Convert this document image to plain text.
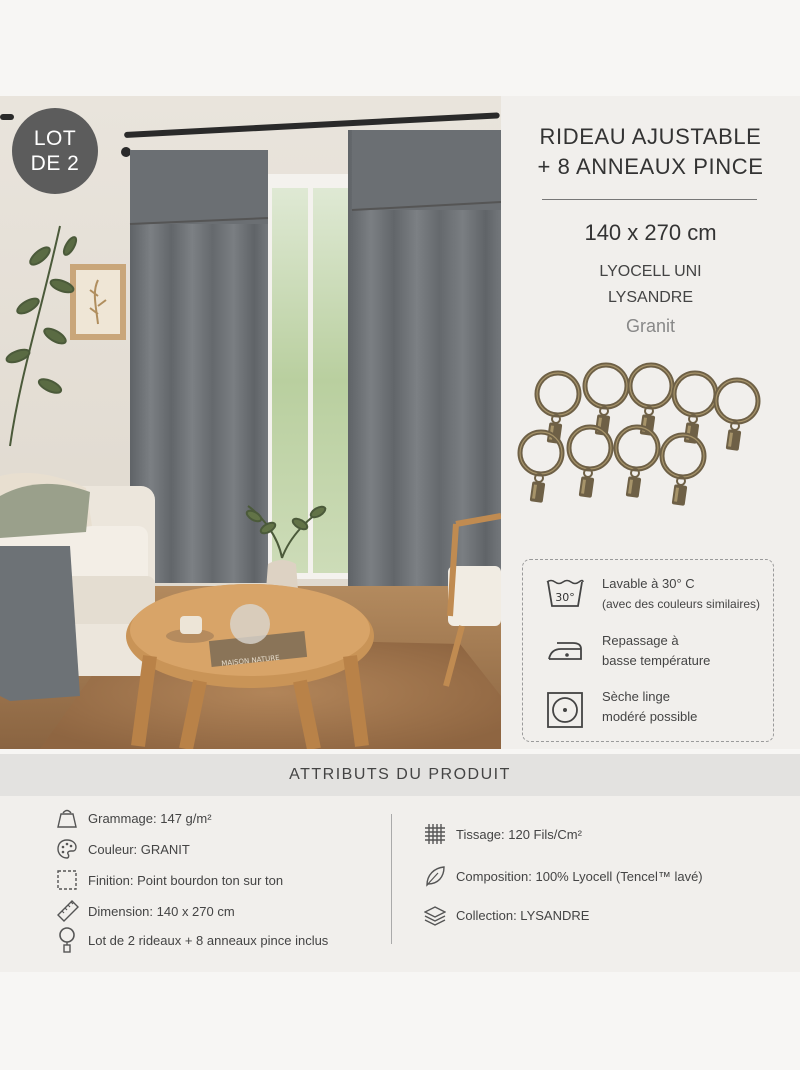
MAISON NATURE
LOT
DE 2
RIDEAU AJUSTABLE
+ 8 ANNEAUX PINCE
140 x 270 cm
LYOCELL UNI
LYSANDRE
Granit
30°
Lavable à 30° C
(avec des couleurs similaires)
Repassage à
basse température
Sèche linge
modéré possible
ATTRIBUTS DU PRODUIT
Grammage: 147 g/m²
Couleur: GRANIT
Finition: Point bourdon ton sur ton
Dimension: 140 x 270 cm
Lot de 2 rideaux + 8 anneaux pince inclus
Tissage: 120 Fils/Cm²
Composition: 100% Lyocell (Tencel™ lavé)
Collection: LYSANDRE
